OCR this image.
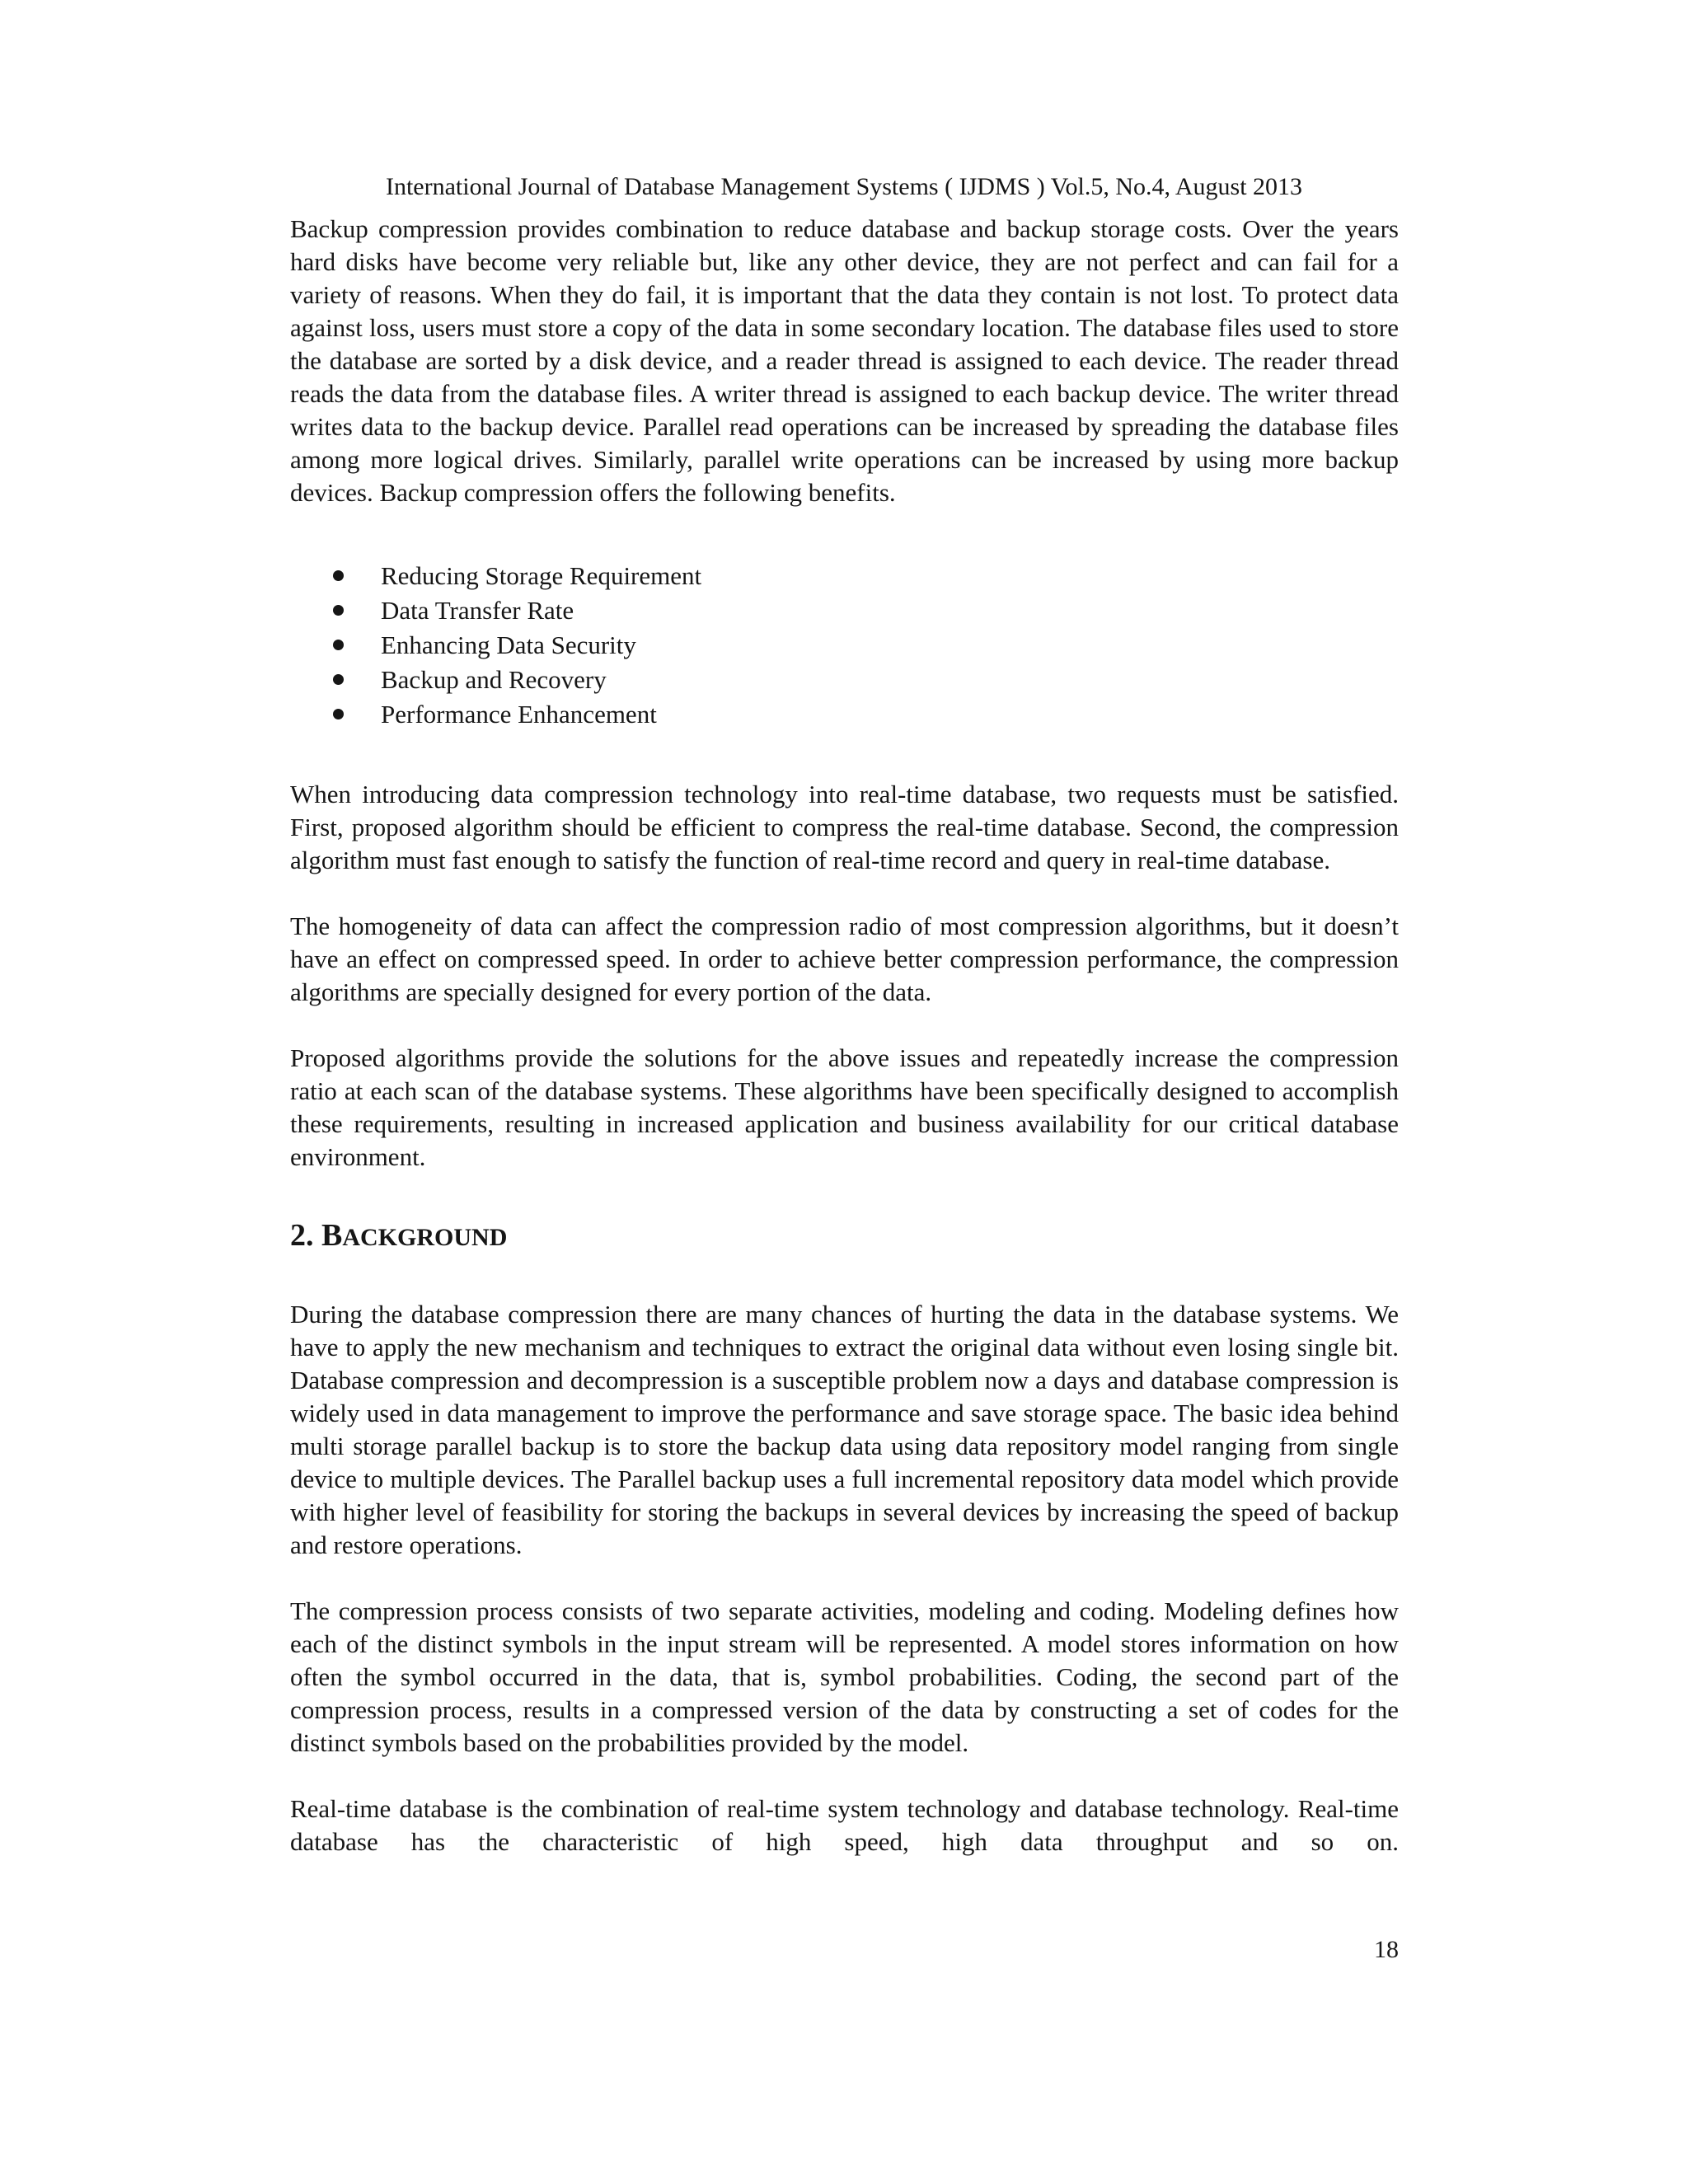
International Journal of Database Management Systems ( IJDMS ) Vol.5, No.4, August 2013

Backup compression provides combination to reduce database and backup storage costs. Over the years hard disks have become very reliable but, like any other device, they are not perfect and can fail for a variety of reasons. When they do fail, it is important that the data they contain is not lost. To protect data against loss, users must store a copy of the data in some secondary location. The database files used to store the database are sorted by a disk device, and a reader thread is assigned to each device. The reader thread reads the data from the database files. A writer thread is assigned to each backup device. The writer thread writes data to the backup device. Parallel read operations can be increased by spreading the database files among more logical drives. Similarly, parallel write operations can be increased by using more backup devices. Backup compression offers the following benefits.

Reducing Storage Requirement
Data Transfer Rate
Enhancing Data Security
Backup and Recovery
Performance Enhancement

When introducing data compression technology into real-time database, two requests must be satisfied. First, proposed algorithm should be efficient to compress the real-time database. Second, the compression algorithm must fast enough to satisfy the function of real-time record and query in real-time database.

The homogeneity of data can affect the compression radio of most compression algorithms, but it doesn’t have an effect on compressed speed. In order to achieve better compression performance, the compression algorithms are specially designed for every portion of the data.

Proposed algorithms provide the solutions for the above issues and repeatedly increase the compression ratio at each scan of the database systems. These algorithms have been specifically designed to accomplish these requirements, resulting in increased application and business availability for our critical database environment.

2. BACKGROUND

During the database compression there are many chances of hurting the data in the database systems. We have to apply the new mechanism and techniques to extract the original data without even losing single bit. Database compression and decompression is a susceptible problem now a days and database compression is widely used in data management to improve the performance and save storage space. The basic idea behind multi storage parallel backup is to store the backup data using data repository model ranging from single device to multiple devices. The Parallel backup uses a full incremental repository data model which provide with higher level of feasibility for storing the backups in several devices by increasing the speed of backup and restore operations.

The compression process consists of two separate activities, modeling and coding. Modeling defines how each of the distinct symbols in the input stream will be represented. A model stores information on how often the symbol occurred in the data, that is, symbol probabilities. Coding, the second part of the compression process, results in a compressed version of the data by constructing a set of codes for the distinct symbols based on the probabilities provided by the model.

Real-time database is the combination of real-time system technology and database technology. Real-time database has the characteristic of high speed, high data throughput and so on.

18
